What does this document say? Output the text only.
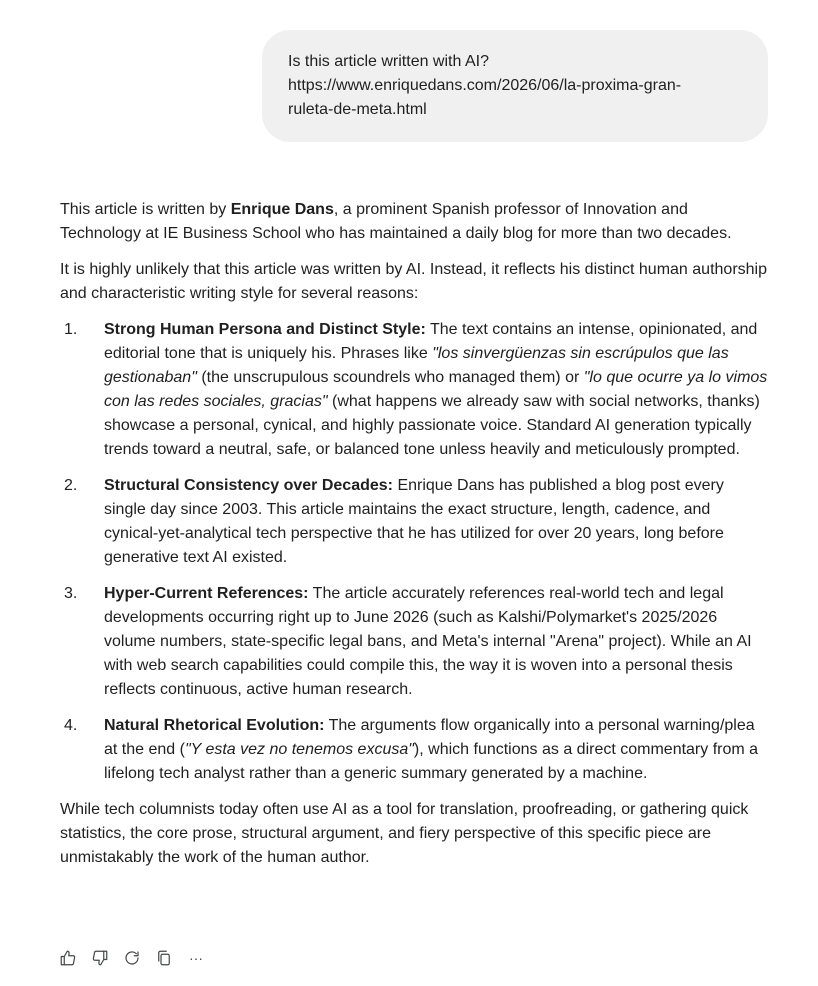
Is this article written with AI?
https://www.enriquedans.com/2026/06/la-proxima-gran-
ruleta-de-meta.html

This article is written by Enrique Dans, a prominent Spanish professor of Innovation and Technology at IE Business School who has maintained a daily blog for more than two decades.

It is highly unlikely that this article was written by AI. Instead, it reflects his distinct human authorship and characteristic writing style for several reasons:

1. Strong Human Persona and Distinct Style: The text contains an intense, opinionated, and editorial tone that is uniquely his. Phrases like "los sinvergüenzas sin escrúpulos que las gestionaban" (the unscrupulous scoundrels who managed them) or "lo que ocurre ya lo vimos con las redes sociales, gracias" (what happens we already saw with social networks, thanks) showcase a personal, cynical, and highly passionate voice. Standard AI generation typically trends toward a neutral, safe, or balanced tone unless heavily and meticulously prompted.
2. Structural Consistency over Decades: Enrique Dans has published a blog post every single day since 2003. This article maintains the exact structure, length, cadence, and cynical-yet-analytical tech perspective that he has utilized for over 20 years, long before generative text AI existed.
3. Hyper-Current References: The article accurately references real-world tech and legal developments occurring right up to June 2026 (such as Kalshi/Polymarket's 2025/2026 volume numbers, state-specific legal bans, and Meta's internal "Arena" project). While an AI with web search capabilities could compile this, the way it is woven into a personal thesis reflects continuous, active human research.
4. Natural Rhetorical Evolution: The arguments flow organically into a personal warning/plea at the end ("Y esta vez no tenemos excusa"), which functions as a direct commentary from a lifelong tech analyst rather than a generic summary generated by a machine.

While tech columnists today often use AI as a tool for translation, proofreading, or gathering quick statistics, the core prose, structural argument, and fiery perspective of this specific piece are unmistakably the work of the human author.

···
